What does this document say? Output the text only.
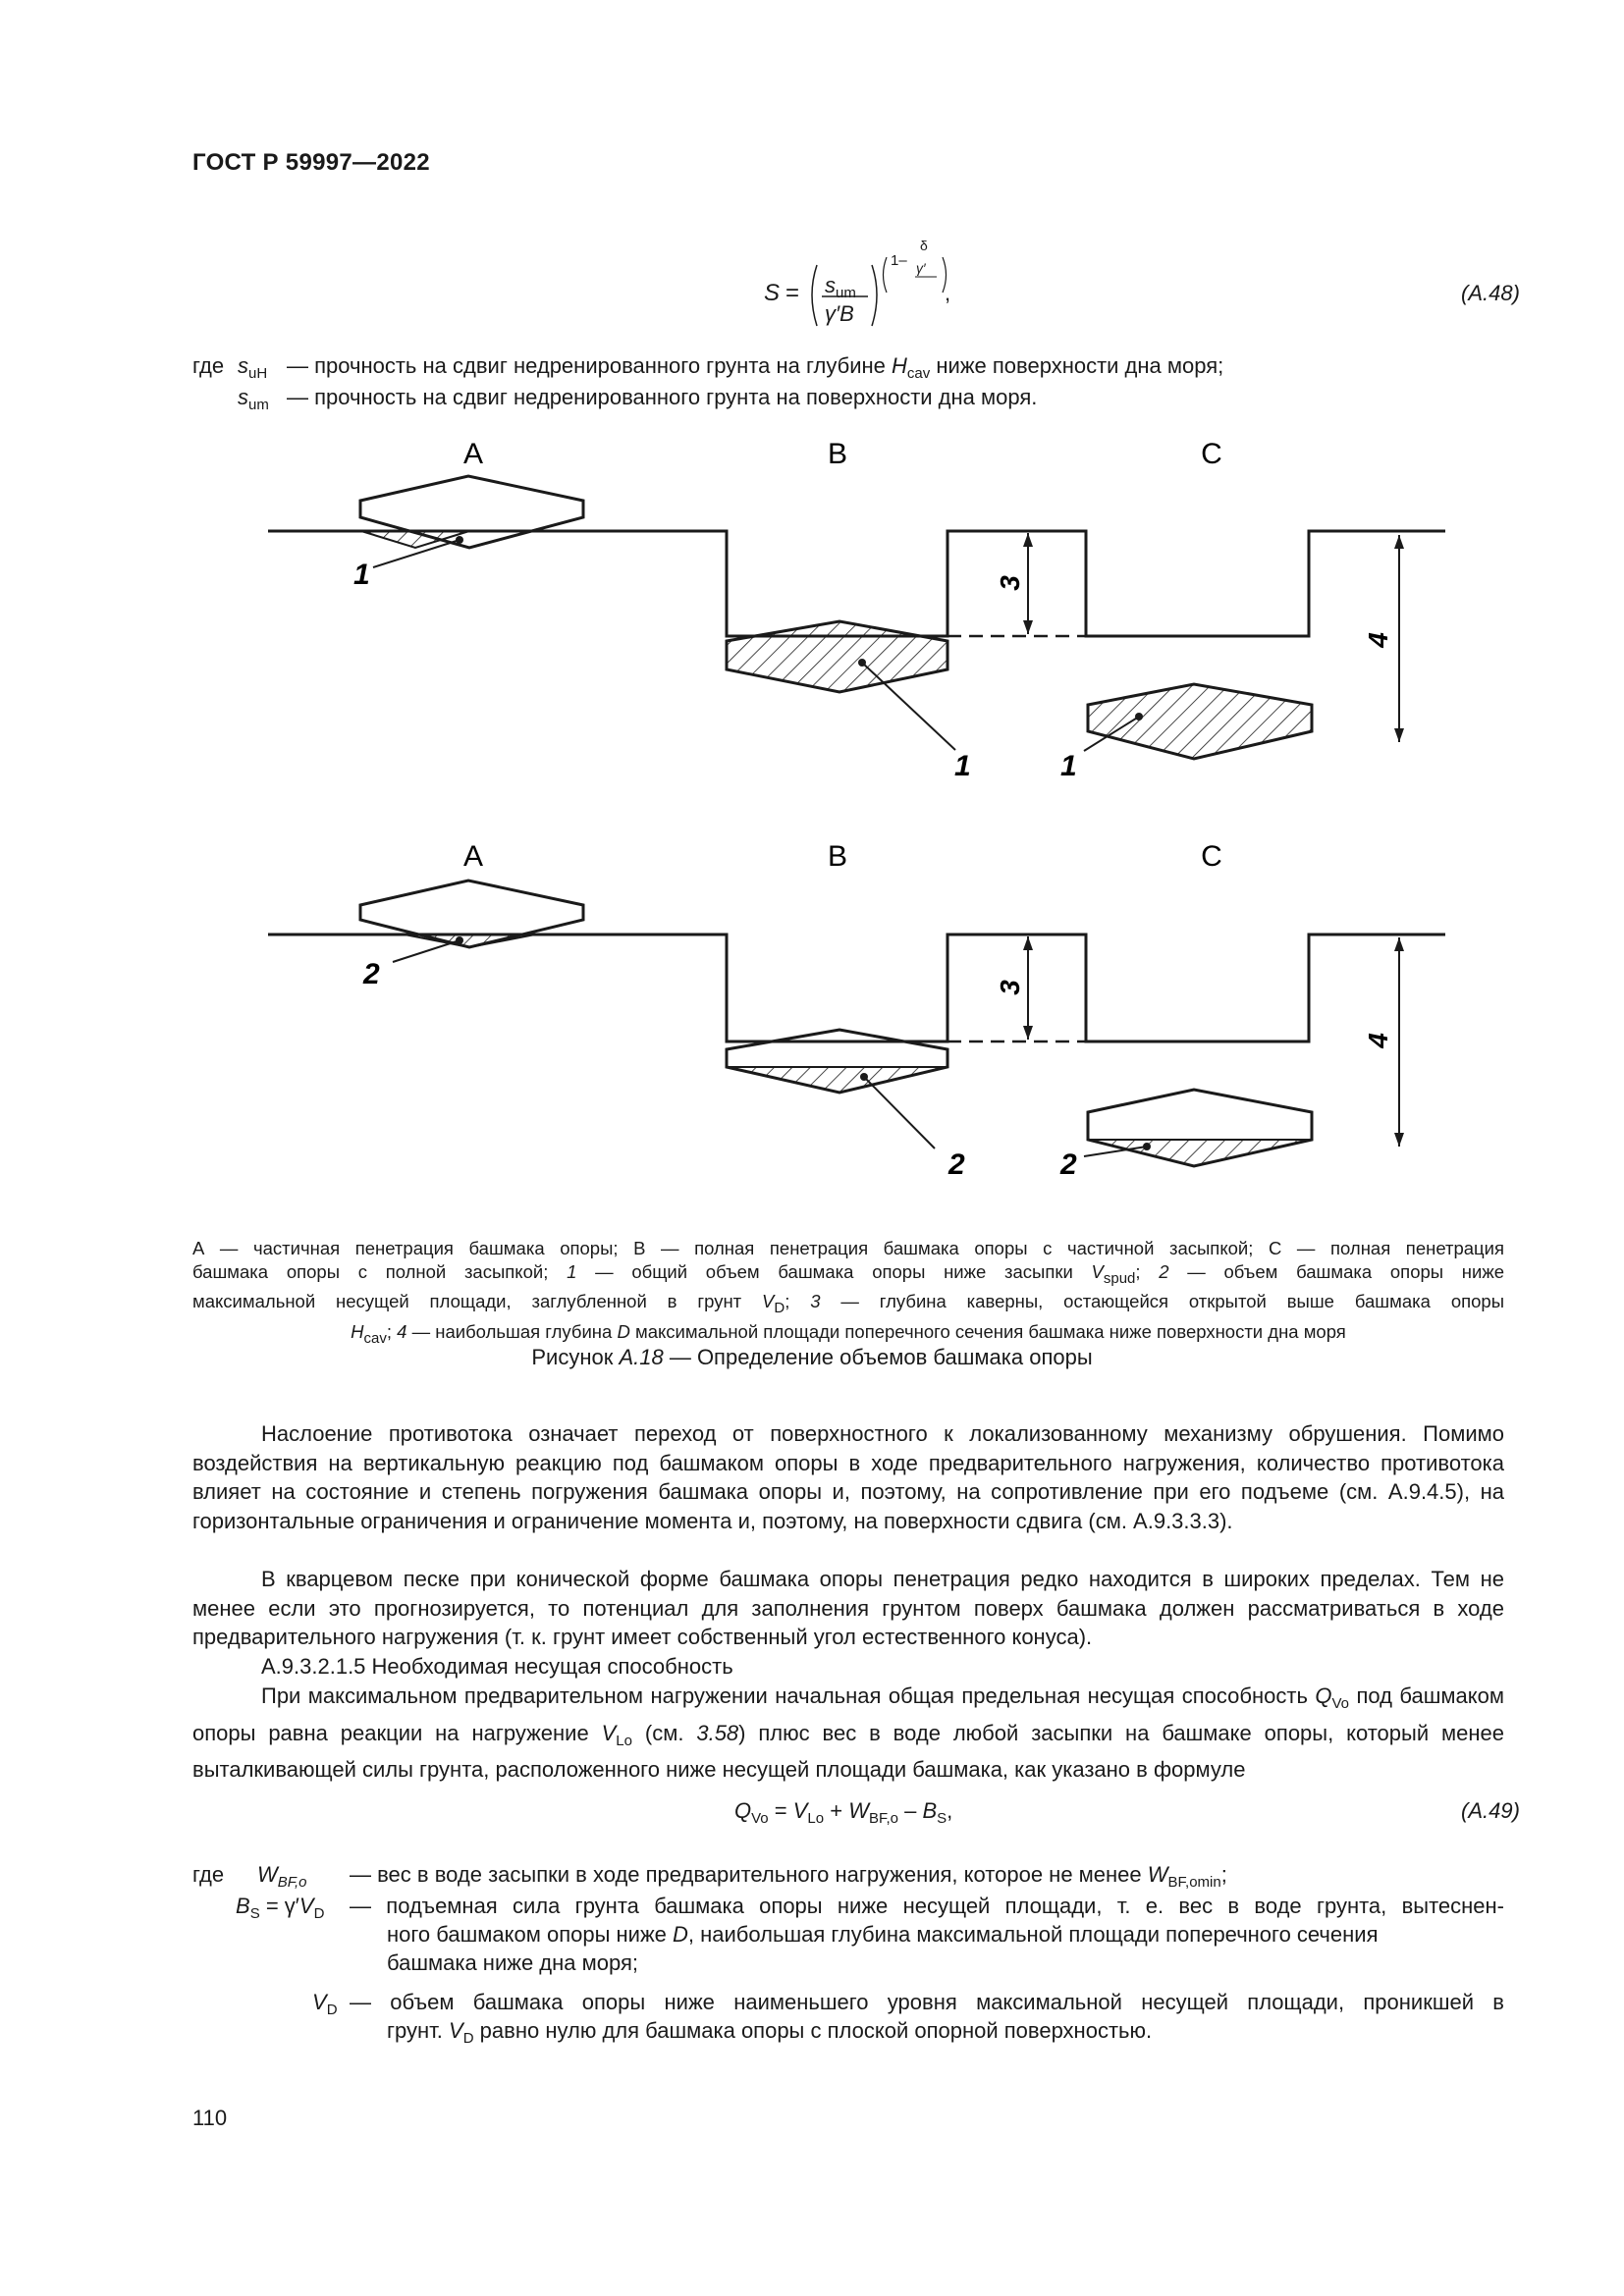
ГОСТ Р 59997—2022
$S = s_{um}$
γ′B
1–
δ
γ′
,	(А.48)
где $s_{uH}$ — прочность на сдвиг недренированного грунта на глубине $H_{cav}$ ниже поверхности дна моря;
$s_{um}$ — прочность на сдвиг недренированного грунта на поверхности дна моря.
A	B	C
3
4
1
1	1
A	B	C
3
4
2
2	2
А — частичная пенетрация башмака опоры; В — полная пенетрация башмака опоры с частичной засыпкой; С — полная пенетрация
башмака опоры с полной засыпкой; 1 — общий объем башмака опоры ниже засыпки $V_{spud}$; 2 — объем башмака опоры ниже
максимальной несущей площади, заглубленной в грунт $V_D$; 3 — глубина каверны, остающейся открытой выше башмака опоры
$H_{cav}$; 4 — наибольшая глубина D максимальной площади поперечного сечения башмака ниже поверхности дна моря
Рисунок А.18 — Определение объемов башмака опоры
Наслоение противотока означает переход от поверхностного к локализованному механизму обрушения. Помимо воздействия на вертикальную реакцию под башмаком опоры в ходе предварительного нагружения, количество противотока влияет на состояние и степень погружения башмака опоры и, поэтому, на сопротивление при его подъеме (см. А.9.4.5), на горизонтальные ограничения и ограничение момента и, поэтому, на поверхности сдвига (см. А.9.3.3.3).
В кварцевом песке при конической форме башмака опоры пенетрация редко находится в широких пределах. Тем не менее если это прогнозируется, то потенциал для заполнения грунтом поверх башмака должен рассматриваться в ходе предварительного нагружения (т. к. грунт имеет собственный угол естественного конуса).
А.9.3.2.1.5 Необходимая несущая способность
При максимальном предварительном нагружении начальная общая предельная несущая способность $Q_{Vo}$ под башмаком опоры равна реакции на нагружение $V_{Lo}$ (см. 3.58) плюс вес в воде любой засыпки на башмаке опоры, который менее выталкивающей силы грунта, расположенного ниже несущей площади башмака, как указано в формуле
$Q_{Vo} = V_{Lo} + W_{BF,o} - B_S$,	(А.49)
где $W_{BF,o}$ — вес в воде засыпки в ходе предварительного нагружения, которое не менее $W_{BF,omin}$;
$B_S = \gamma'V_D$ — подъемная сила грунта башмака опоры ниже несущей площади, т. е. вес в воде грунта, вытеснен-
ного башмаком опоры ниже D, наибольшая глубина максимальной площади поперечного сечения
башмака ниже дна моря;
$V_D$ — объем башмака опоры ниже наименьшего уровня максимальной несущей площади, проникшей в
грунт. $V_D$ равно нулю для башмака опоры с плоской опорной поверхностью.
110
